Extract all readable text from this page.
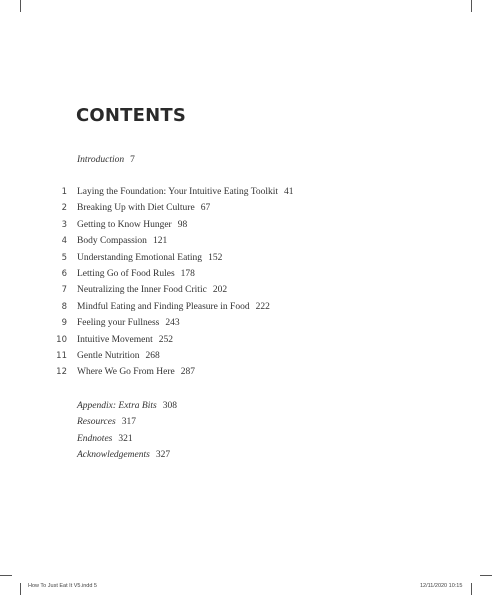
CONTENTS
Introduction 7
1 Laying the Foundation: Your Intuitive Eating Toolkit 41
2 Breaking Up with Diet Culture 67
3 Getting to Know Hunger 98
4 Body Compassion 121
5 Understanding Emotional Eating 152
6 Letting Go of Food Rules 178
7 Neutralizing the Inner Food Critic 202
8 Mindful Eating and Finding Pleasure in Food 222
9 Feeling your Fullness 243
10 Intuitive Movement 252
11 Gentle Nutrition 268
12 Where We Go From Here 287
Appendix: Extra Bits 308
Resources 317
Endnotes 321
Acknowledgements 327
How To Just Eat It V5.indd 5	12/11/2020 10:15
